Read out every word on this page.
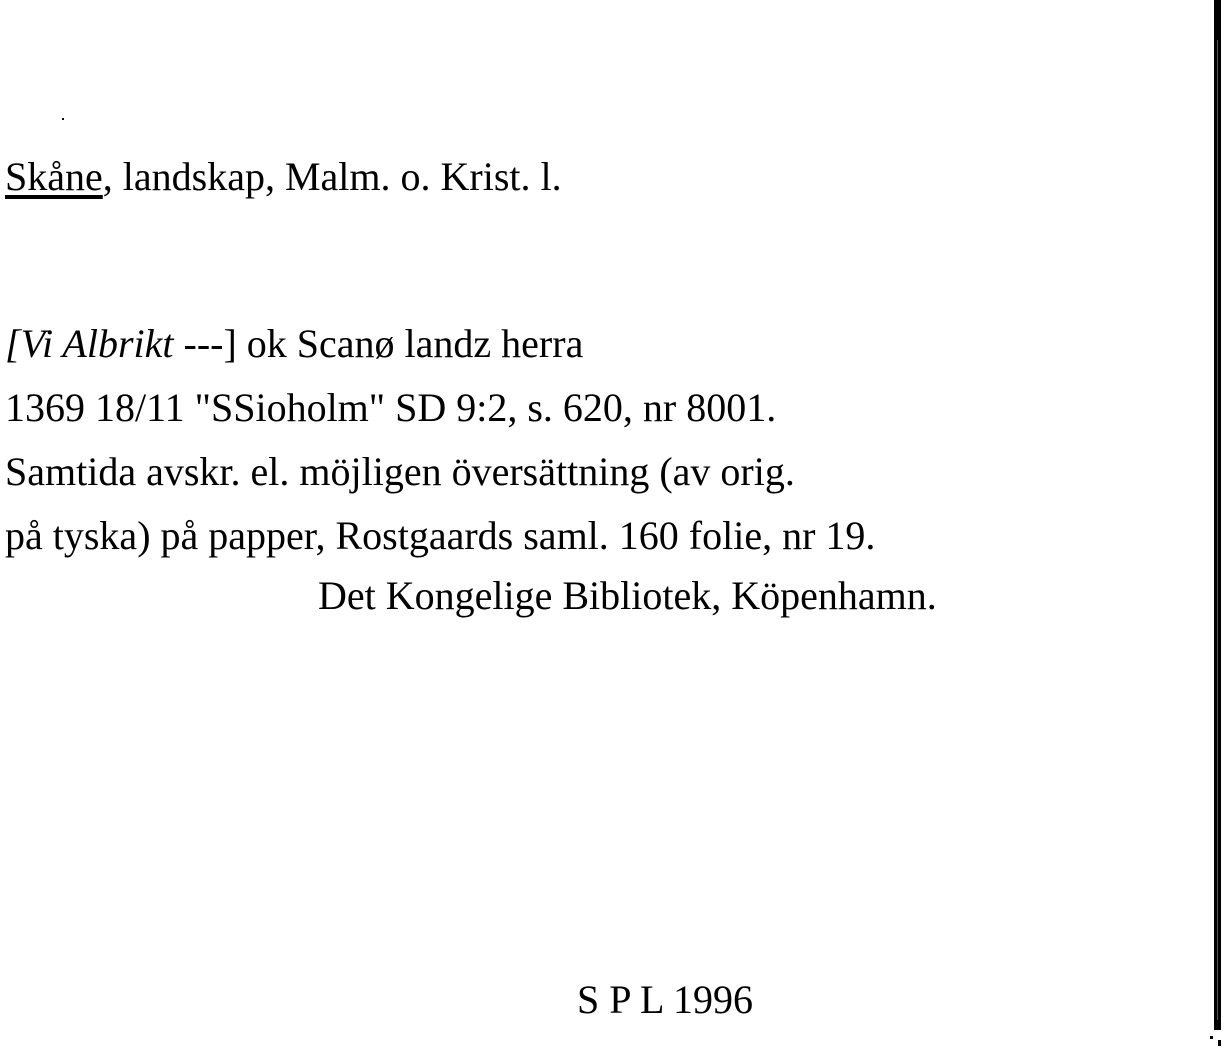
Skåne, landskap, Malm. o. Krist. l.

[Vi Albrikt ---] ok Scanø landz herra

1369 18/11 "SSioholm" SD 9:2, s. 620, nr 8001.

Samtida avskr. el. möjligen översättning (av orig.

på tyska) på papper, Rostgaards saml. 160 folie, nr 19.

Det Kongelige Bibliotek, Köpenhamn.

S P L 1996
